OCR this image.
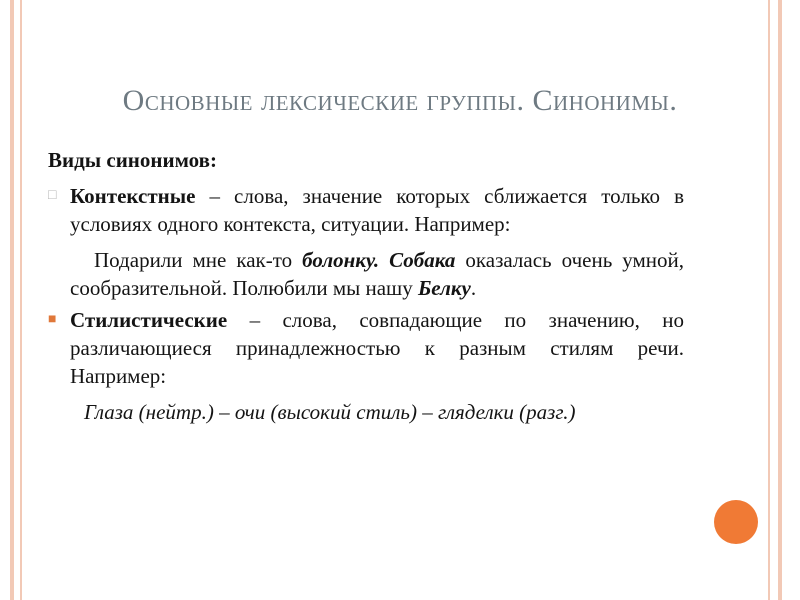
Основные лексические группы. Синонимы.

Виды синонимов:

□ Контекстные – слова, значение которых сближается только в условиях одного контекста, ситуации. Например:

Подарили мне как-то болонку. Собака оказалась очень умной, сообразительной. Полюбили мы нашу Белку.

■ Стилистические – слова, совпадающие по значению, но различающиеся принадлежностью к разным стилям речи. Например:

Глаза (нейтр.) – очи (высокий стиль) – гляделки (разг.)
